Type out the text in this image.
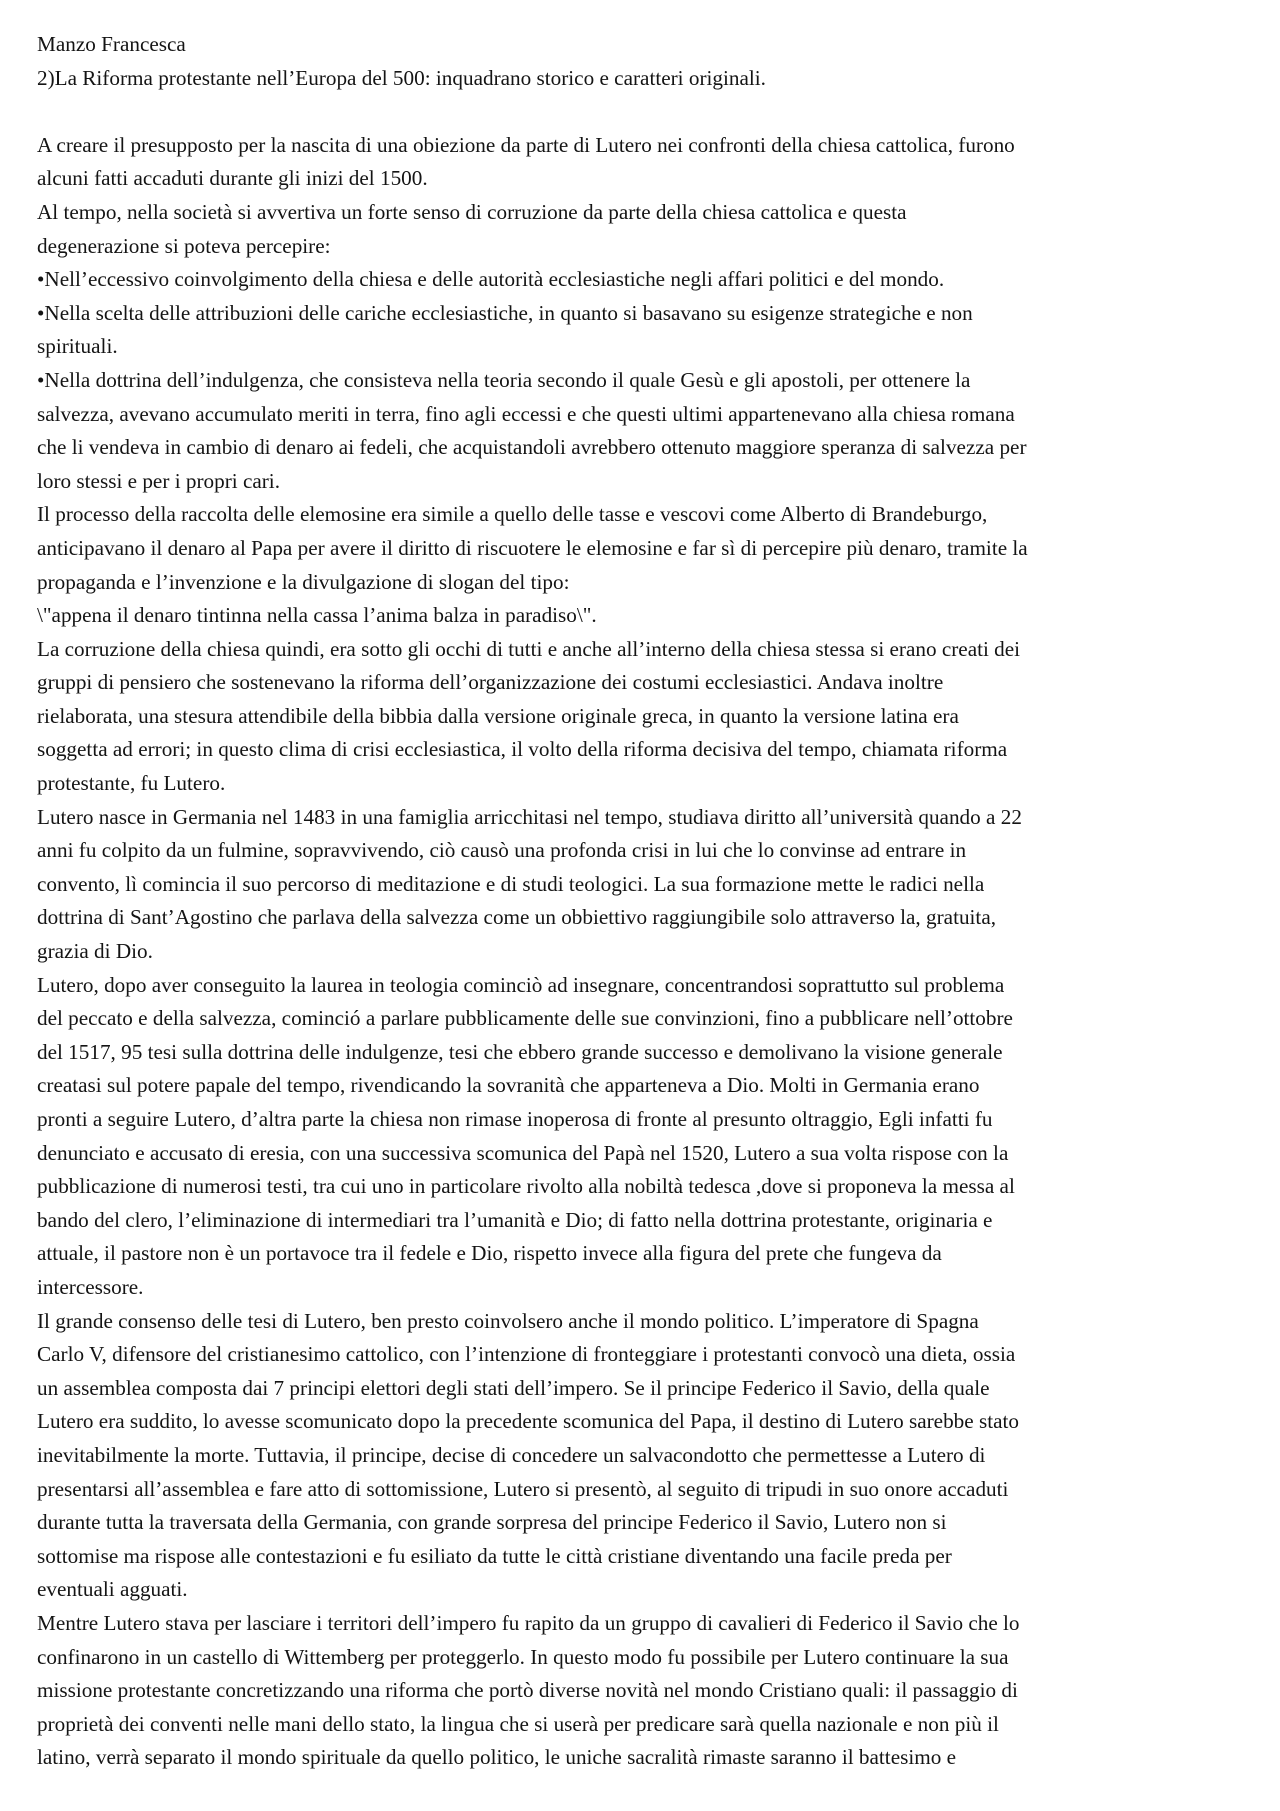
Manzo Francesca
2)La Riforma protestante nell’Europa del 500: inquadrano storico e caratteri originali.
A creare il presupposto per la nascita di una obiezione da parte di Lutero nei confronti della chiesa cattolica, furono
alcuni fatti accaduti durante gli inizi del 1500.
Al tempo, nella società si avvertiva un forte senso di corruzione da parte della chiesa cattolica e questa
degenerazione si poteva percepire:
•Nell’eccessivo coinvolgimento della chiesa e delle autorità ecclesiastiche negli affari politici e del mondo.
•Nella scelta delle attribuzioni delle cariche ecclesiastiche, in quanto si basavano su esigenze strategiche e non
spirituali.
•Nella dottrina dell’indulgenza, che consisteva nella teoria secondo il quale Gesù e gli apostoli, per ottenere la
salvezza, avevano accumulato meriti in terra, fino agli eccessi e che questi ultimi appartenevano alla chiesa romana
che li vendeva in cambio di denaro ai fedeli, che acquistandoli avrebbero ottenuto maggiore speranza di salvezza per
loro stessi e per i propri cari.
Il processo della raccolta delle elemosine era simile a quello delle tasse e vescovi come Alberto di Brandeburgo,
anticipavano il denaro al Papa per avere il diritto di riscuotere le elemosine e far sì di percepire più denaro, tramite la
propaganda e l’invenzione e la divulgazione di slogan del tipo:
\"appena il denaro tintinna nella cassa l’anima balza in paradiso\".
La corruzione della chiesa quindi, era sotto gli occhi di tutti e anche all’interno della chiesa stessa si erano creati dei
gruppi di pensiero che sostenevano la riforma dell’organizzazione dei costumi ecclesiastici. Andava inoltre
rielaborata, una stesura attendibile della bibbia dalla versione originale greca, in quanto la versione latina era
soggetta ad errori; in questo clima di crisi ecclesiastica, il volto della riforma decisiva del tempo, chiamata riforma
protestante, fu Lutero.
Lutero nasce in Germania nel 1483 in una famiglia arricchitasi nel tempo, studiava diritto all’università quando a 22
anni fu colpito da un fulmine, sopravvivendo, ciò causò una profonda crisi in lui che lo convinse ad entrare in
convento, lì comincia il suo percorso di meditazione e di studi teologici. La sua formazione mette le radici nella
dottrina di Sant’Agostino che parlava della salvezza come un obbiettivo raggiungibile solo attraverso la, gratuita,
grazia di Dio.
Lutero, dopo aver conseguito la laurea in teologia cominciò ad insegnare, concentrandosi soprattutto sul problema
del peccato e della salvezza, cominció a parlare pubblicamente delle sue convinzioni, fino a pubblicare nell’ottobre
del 1517, 95 tesi sulla dottrina delle indulgenze, tesi che ebbero grande successo e demolivano la visione generale
creatasi sul potere papale del tempo, rivendicando la sovranità che apparteneva a Dio. Molti in Germania erano
pronti a seguire Lutero, d’altra parte la chiesa non rimase inoperosa di fronte al presunto oltraggio, Egli infatti fu
denunciato e accusato di eresia, con una successiva scomunica del Papà nel 1520, Lutero a sua volta rispose con la
pubblicazione di numerosi testi, tra cui uno in particolare rivolto alla nobiltà tedesca ,dove si proponeva la messa al
bando del clero, l’eliminazione di intermediari tra l’umanità e Dio; di fatto nella dottrina protestante, originaria e
attuale, il pastore non è un portavoce tra il fedele e Dio, rispetto invece alla figura del prete che fungeva da
intercessore.
Il grande consenso delle tesi di Lutero, ben presto coinvolsero anche il mondo politico. L’imperatore di Spagna
Carlo V, difensore del cristianesimo cattolico, con l’intenzione di fronteggiare i protestanti convocò una dieta, ossia
un assemblea composta dai 7 principi elettori degli stati dell’impero. Se il principe Federico il Savio, della quale
Lutero era suddito, lo avesse scomunicato dopo la precedente scomunica del Papa, il destino di Lutero sarebbe stato
inevitabilmente la morte. Tuttavia, il principe, decise di concedere un salvacondotto che permettesse a Lutero di
presentarsi all’assemblea e fare atto di sottomissione, Lutero si presentò, al seguito di tripudi in suo onore accaduti
durante tutta la traversata della Germania, con grande sorpresa del principe Federico il Savio, Lutero non si
sottomise ma rispose alle contestazioni e fu esiliato da tutte le città cristiane diventando una facile preda per
eventuali agguati.
Mentre Lutero stava per lasciare i territori dell’impero fu rapito da un gruppo di cavalieri di Federico il Savio che lo
confinarono in un castello di Wittemberg per proteggerlo. In questo modo fu possibile per Lutero continuare la sua
missione protestante concretizzando una riforma che portò diverse novità nel mondo Cristiano quali: il passaggio di
proprietà dei conventi nelle mani dello stato, la lingua che si userà per predicare sarà quella nazionale e non più il
latino, verrà separato il mondo spirituale da quello politico, le uniche sacralità rimaste saranno il battesimo e
